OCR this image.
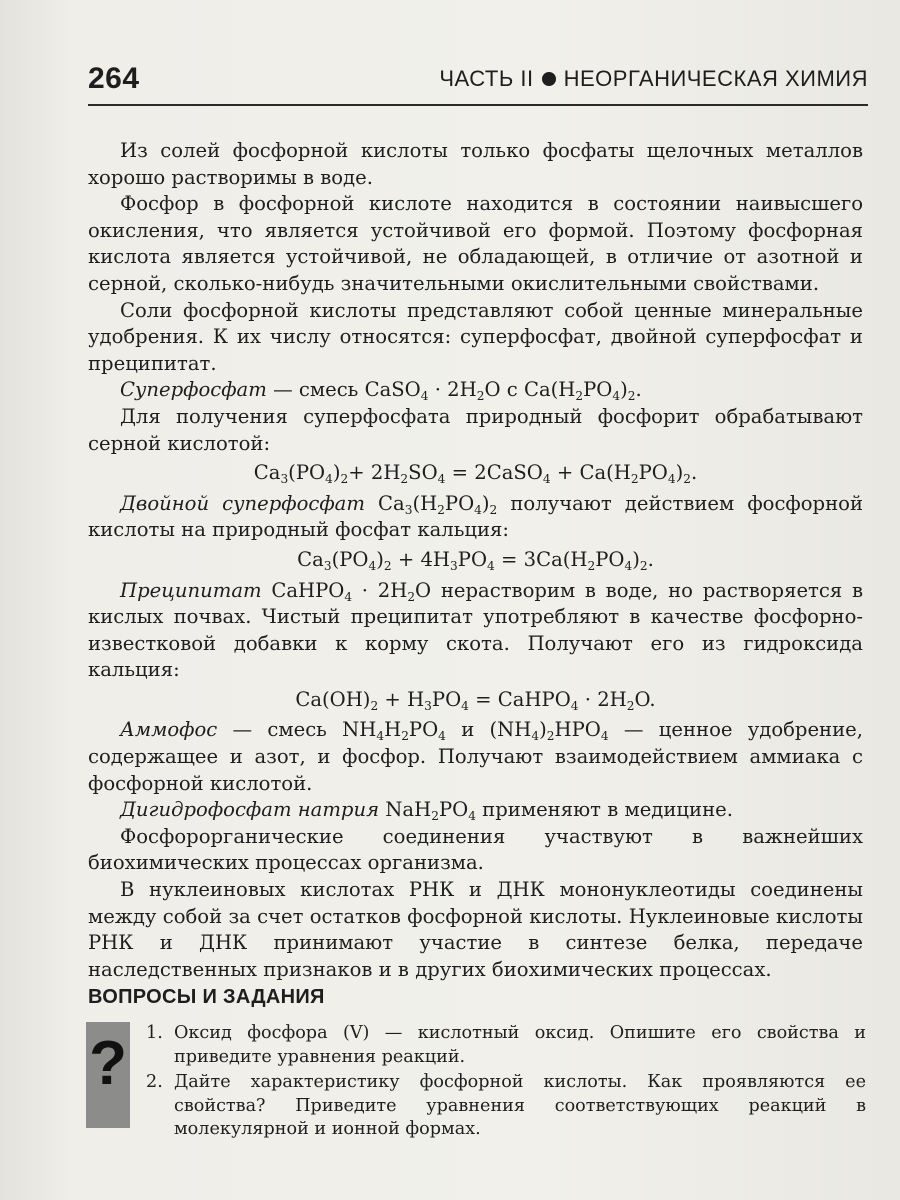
264	ЧАСТЬ II НЕОРГАНИЧЕСКАЯ ХИМИЯ

Из солей фосфорной кислоты только фосфаты щелочных металлов хорошо растворимы в воде.

Фосфор в фосфорной кислоте находится в состоянии наивысшего окисления, что является устойчивой его формой. Поэтому фосфорная кислота является устойчивой, не обладающей, в отличие от азотной и серной, сколько-нибудь значительными окислительными свойствами.

Соли фосфорной кислоты представляют собой ценные минеральные удобрения. К их числу относятся: суперфосфат, двойной суперфосфат и преципитат.

Суперфосфат — смесь CaSO$_4$ · $2H_2O$ с $Ca(H_2PO_4)_2$.

Для получения суперфосфата природный фосфорит обрабатывают серной кислотой:

$Ca_3(PO_4)_2+ 2H_2SO_4$ = 2CaSO$_4$ + $Ca(H_2PO_4)_2$.

Двойной суперфосфат $Ca_3(H_2PO_4)_2$ получают действием фосфорной кислоты на природный фосфат кальция:

$Ca_3(PO_4)_2 + 4H_3PO_4 = 3Ca(H_2PO_4)_2$.

Преципитат CaHPO$_4$ · $2H_2O$ нерастворим в воде, но растворяется в кислых почвах. Чистый преципитат употребляют в качестве фосфорно-известковой добавки к корму скота. Получают его из гидроксида кальция:

$Ca(OH)_2 + H_3PO_4$ = CaHPO$_4$ · $2H_2O$.

Аммофос — смесь $NH_4H_2PO_4$ и $(NH_4)_2HPO_4$ — ценное удобрение, содержащее и азот, и фосфор. Получают взаимодействием аммиака с фосфорной кислотой.

Дигидрофосфат натрия $NaH_2PO_4$ применяют в медицине.

Фосфорорганические соединения участвуют в важнейших биохимических процессах организма.

В нуклеиновых кислотах РНК и ДНК мононуклеотиды соединены между собой за счет остатков фосфорной кислоты. Нуклеиновые кислоты РНК и ДНК принимают участие в синтезе белка, передаче наследственных признаков и в других биохимических процессах.

ВОПРОСЫ И ЗАДАНИЯ
? 1. Оксид фосфора (V) — кислотный оксид. Опишите его свойства и приведите уравнения реакций.
2. Дайте характеристику фосфорной кислоты. Как проявляются ее свойства? Приведите уравнения соответствующих реакций в молекулярной и ионной формах.
